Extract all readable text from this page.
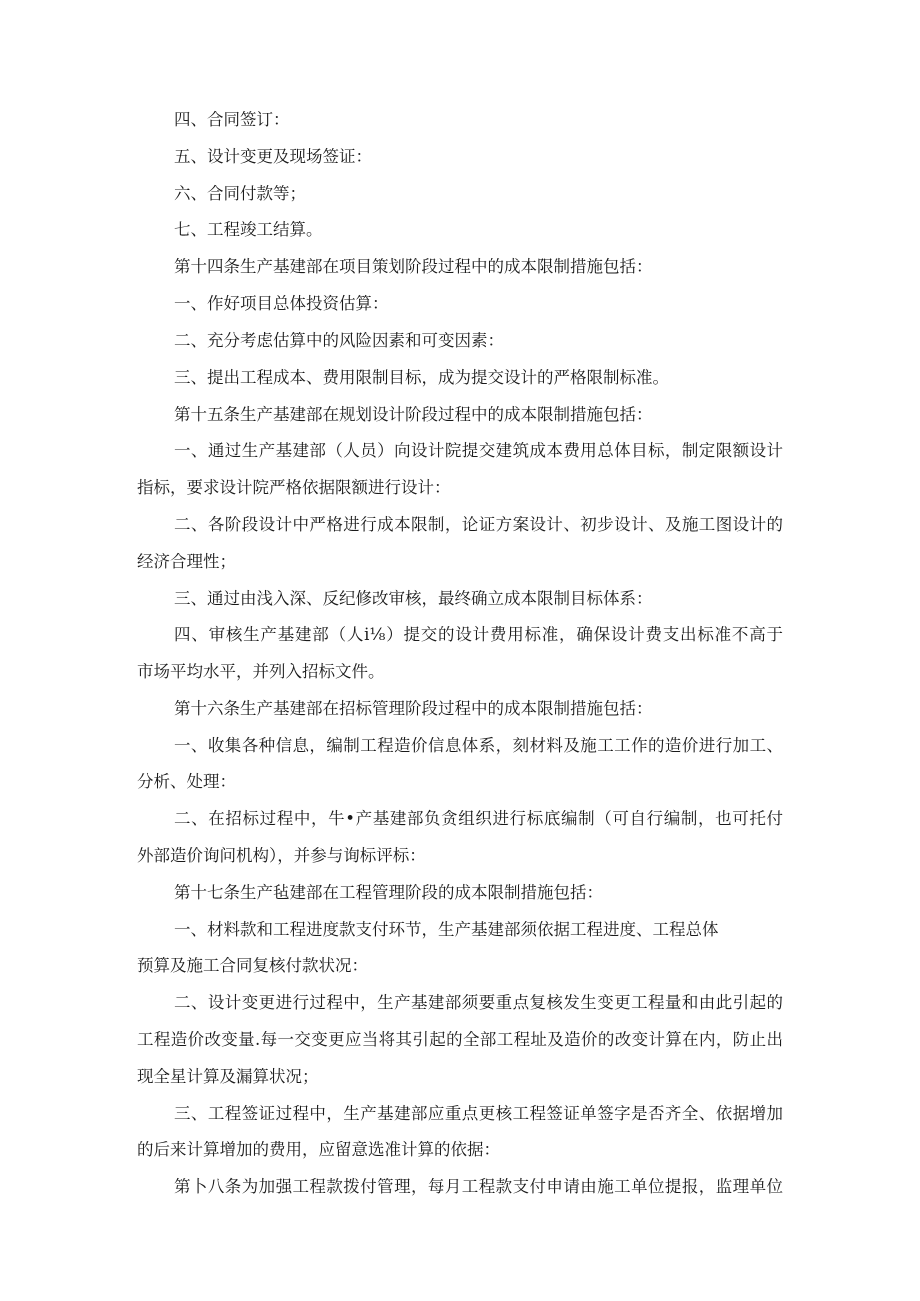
四、合同签订：
五、设计变更及现场签证：
六、合同付款等；
七、工程竣工结算。
第十四条生产基建部在项目策划阶段过程中的成本限制措施包括：
一、作好项目总体投资估算：
二、充分考虑估算中的风险因素和可变因素：
三、提出工程成本、费用限制目标，成为提交设计的严格限制标准。
第十五条生产基建部在规划设计阶段过程中的成本限制措施包括：
一、通过生产基建部（人员）向设计院提交建筑成本费用总体目标，制定限额设计
指标，要求设计院严格依据限额进行设计：
二、各阶段设计中严格进行成本限制，论证方案设计、初步设计、及施工图设计的
经济合理性；
三、通过由浅入深、反纪修改审核，最终确立成本限制目标体系：
四、审核生产基建部（人i⅛）提交的设计费用标准，确保设计费支出标准不高于
市场平均水平，并列入招标文件。
第十六条生产基建部在招标管理阶段过程中的成本限制措施包括：
一、收集各种信息，编制工程造价信息体系，刻材料及施工工作的造价进行加工、
分析、处理：
二、在招标过程中，牛•产基建部负贪组织进行标底编制（可自行编制，也可托付
外部造价询问机构），并参与询标评标：
第十七条生产毡建部在工程管理阶段的成本限制措施包括：
一、材料款和工程进度款支付环节，生产基建部须依据工程进度、工程总体
预算及施工合同复核付款状况：
二、设计变更进行过程中，生产基建部须要重点复核发生变更工程量和由此引起的
工程造价改变量.每一交变更应当将其引起的全部工程址及造价的改变计算在内，防止出
现全星计算及漏算状况；
三、工程签证过程中，生产基建部应重点更核工程签证单签字是否齐全、依据增加
的后来计算增加的费用，应留意选准计算的依据：
第卜八条为加强工程款拨付管理，每月工程款支付申请由施工单位提报，监理单位
